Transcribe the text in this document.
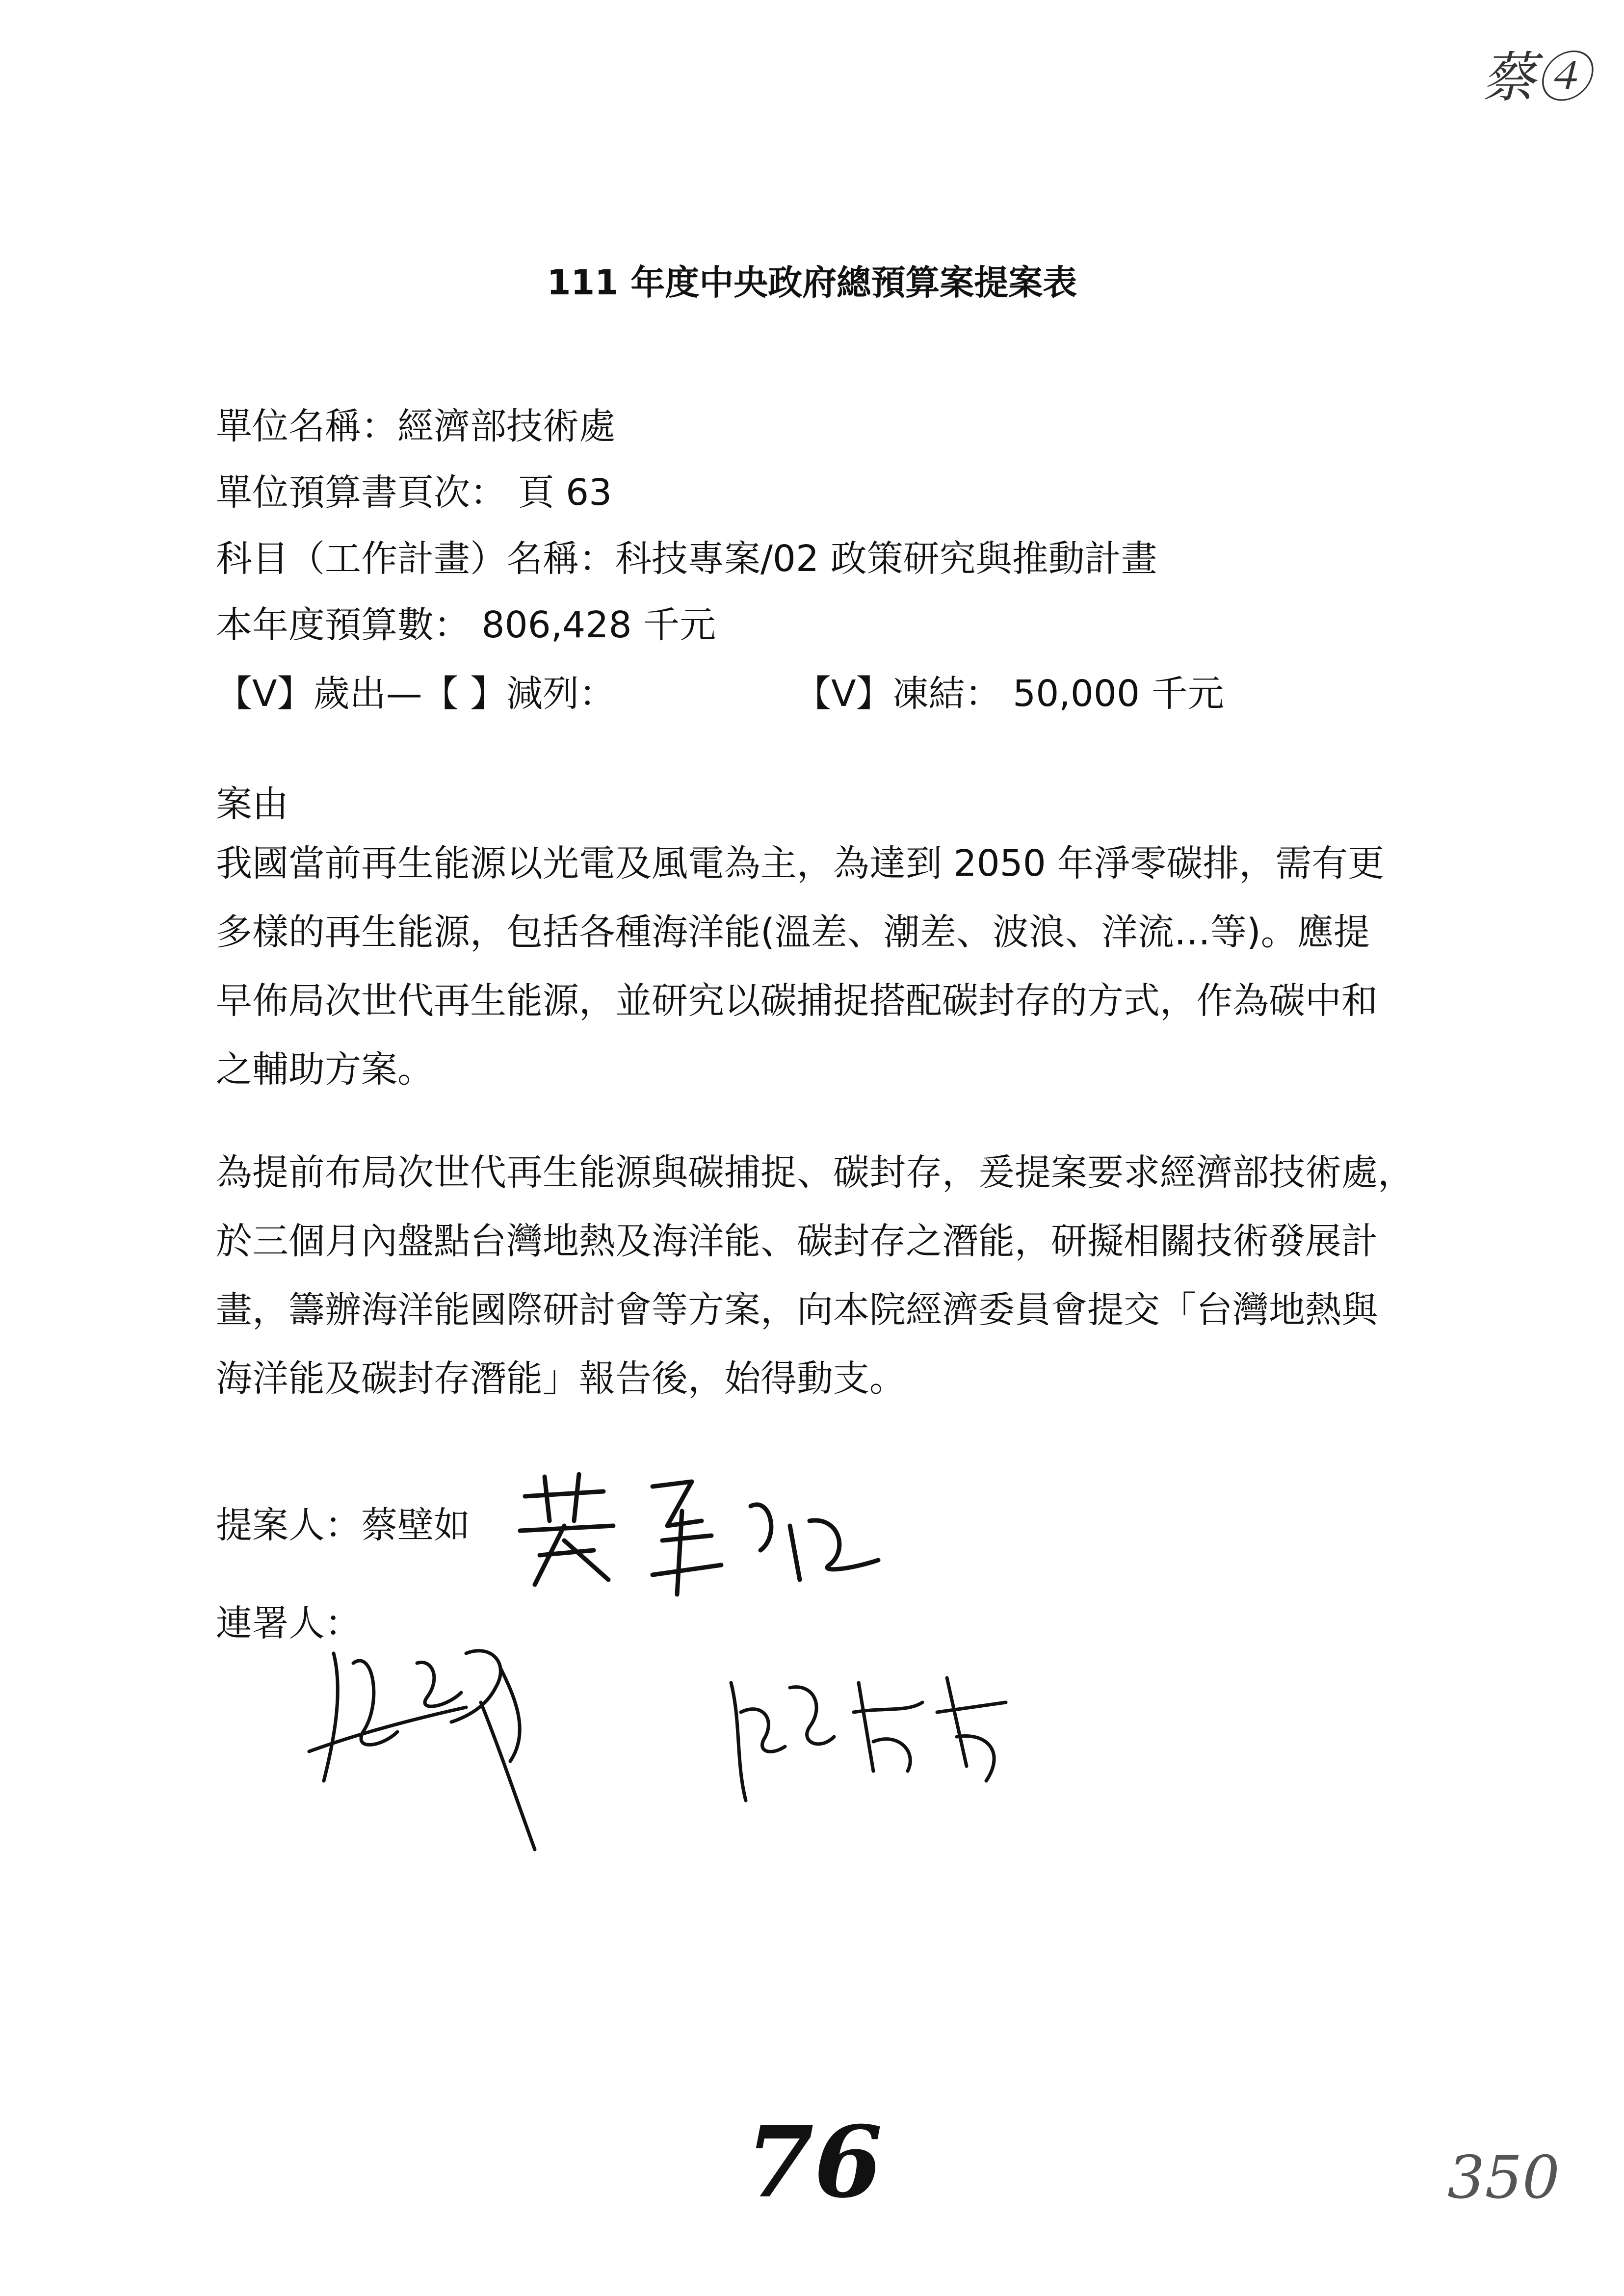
蔡④
111 年度中央政府總預算案提案表
單位名稱：經濟部技術處
單位預算書頁次： 頁 63
科目（工作計畫）名稱：科技專案/02 政策研究與推動計畫
本年度預算數： 806,428 千元
【V】歲出—【 】減列：	【V】凍結： 50,000 千元
案由
我國當前再生能源以光電及風電為主，為達到 2050 年淨零碳排，需有更
多樣的再生能源，包括各種海洋能(溫差、潮差、波浪、洋流…等)。應提
早佈局次世代再生能源，並研究以碳捕捉搭配碳封存的方式，作為碳中和
之輔助方案。
為提前布局次世代再生能源與碳捕捉、碳封存，爰提案要求經濟部技術處，
於三個月內盤點台灣地熱及海洋能、碳封存之潛能，研擬相關技術發展計
畫，籌辦海洋能國際研討會等方案，向本院經濟委員會提交「台灣地熱與
海洋能及碳封存潛能」報告後，始得動支。
提案人：蔡壁如
連署人：
76	350
